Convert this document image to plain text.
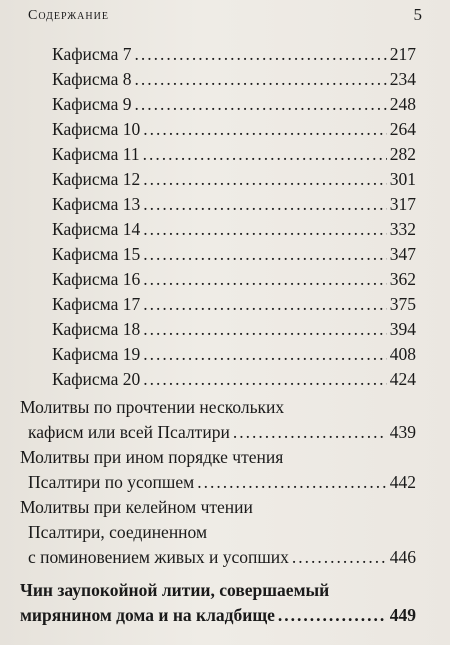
Содержание	5
Кафисма 7 .....	217
Кафисма 8 .....	234
Кафисма 9 .....	248
Кафисма 10 .....	264
Кафисма 11 .....	282
Кафисма 12 .....	301
Кафисма 13 .....	317
Кафисма 14 .....	332
Кафисма 15 .....	347
Кафисма 16 .....	362
Кафисма 17 .....	375
Кафисма 18 .....	394
Кафисма 19 .....	408
Кафисма 20 .....	424
Молитвы по прочтении нескольких
кафисм или всей Псалтири .....	439
Молитвы при ином порядке чтения
Псалтири по усопшем .....	442
Молитвы при келейном чтении
Псалтири, соединенном
с поминовением живых и усопших .....	446
Чин заупокойной литии, совершаемый
мирянином дома и на кладбище .....	449
